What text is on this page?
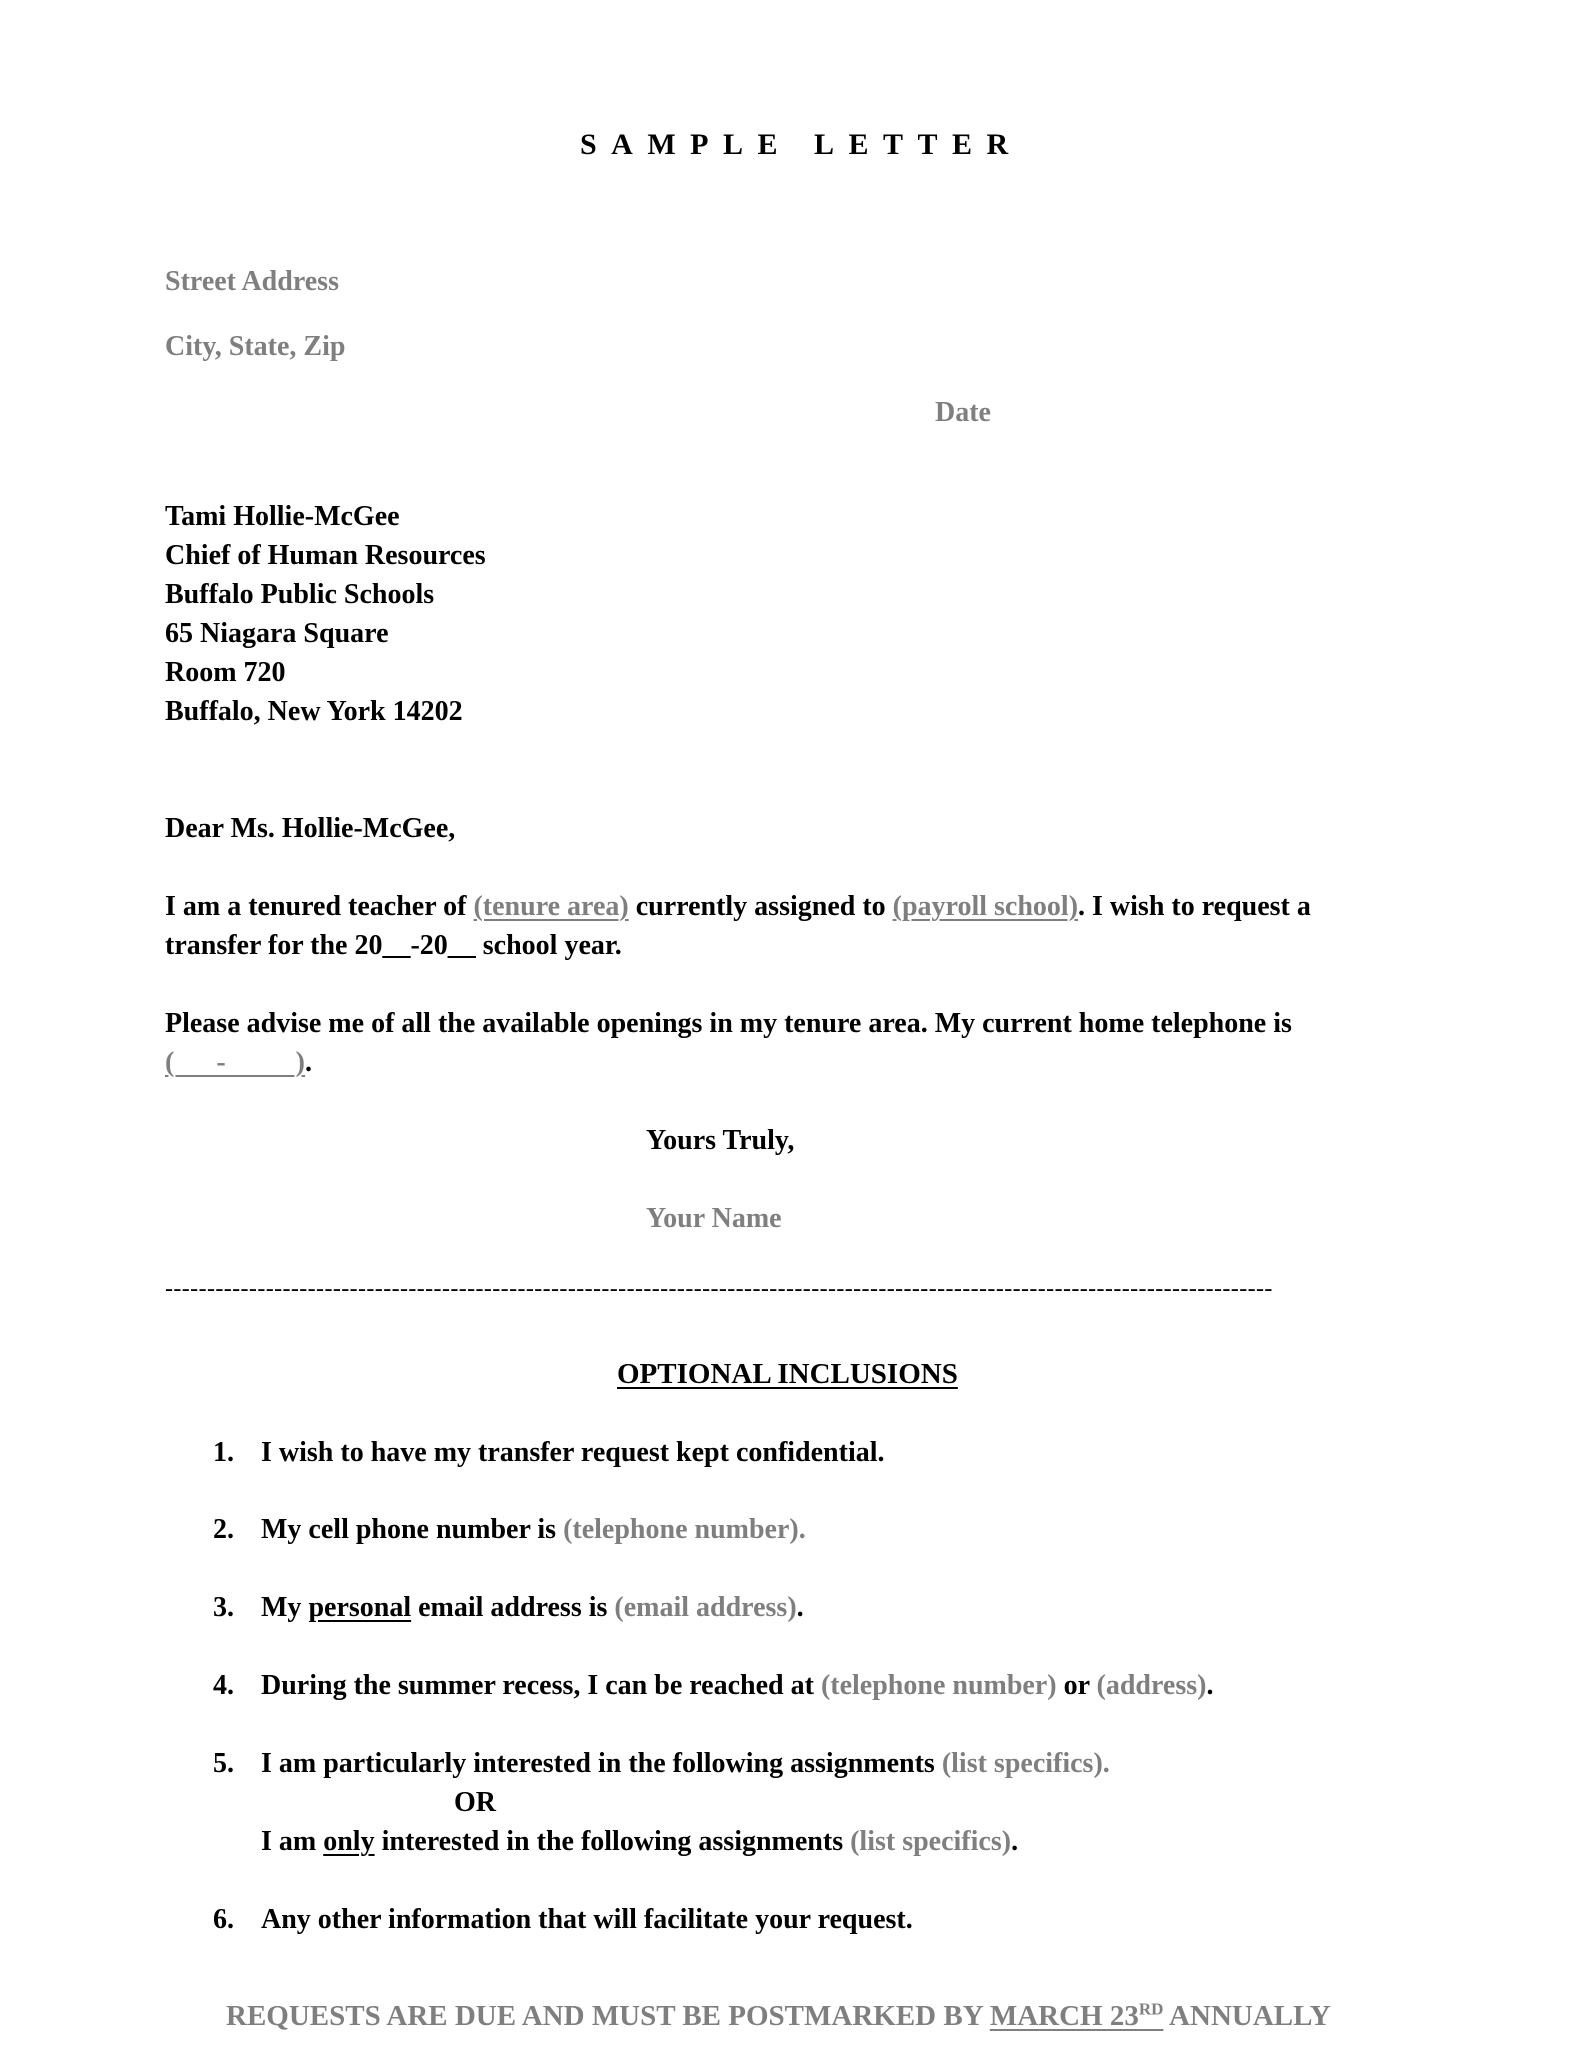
SAMPLE LETTER
Street Address
City, State, Zip
Date
Tami Hollie-McGee
Chief of Human Resources
Buffalo Public Schools
65 Niagara Square
Room 720
Buffalo, New York 14202
Dear Ms. Hollie-McGee,
I am a tenured teacher of (tenure area) currently assigned to (payroll school). I wish to request a
transfer for the 20__-20__ school year.
Please advise me of all the available openings in my tenure area. My current home telephone is
(      -          ).
Yours Truly,
Your Name
------------------------------------------------------------------------------------------------------------------------------------
OPTIONAL INCLUSIONS
1. I wish to have my transfer request kept confidential.
2. My cell phone number is (telephone number).
3. My personal email address is (email address).
4. During the summer recess, I can be reached at (telephone number) or (address).
5. I am particularly interested in the following assignments (list specifics).
OR
I am only interested in the following assignments (list specifics).
6. Any other information that will facilitate your request.
REQUESTS ARE DUE AND MUST BE POSTMARKED BY MARCH 23RD ANNUALLY
